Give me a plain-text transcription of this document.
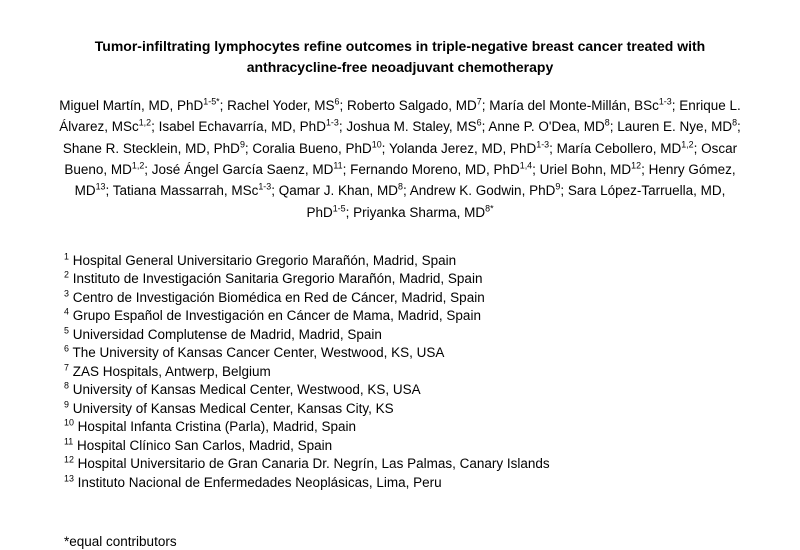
Tumor-infiltrating lymphocytes refine outcomes in triple-negative breast cancer treated with anthracycline-free neoadjuvant chemotherapy

Miguel Martín, MD, PhD$^{1-5*}$; Rachel Yoder, $MS^6$; Roberto Salgado, $MD^7$; María del Monte-Millán, BSc$^{1-3}$; Enrique L. Álvarez, MSc$^{1,2}$; Isabel Echavarría, MD, PhD$^{1-3}$; Joshua M. Staley, $MS^6$; Anne P. O'Dea, $MD^8$; Lauren E. Nye, $MD^8$; Shane R. Stecklein, MD, PhD$^9$; Coralia Bueno, PhD$^{10}$; Yolanda Jerez, MD, PhD$^{1-3}$; María Cebollero, MD$^{1,2}$; Oscar Bueno, MD$^{1,2}$; José Ángel García Saenz, MD$^{11}$; Fernando Moreno, MD, PhD$^{1,4}$; Uriel Bohn, MD$^{12}$; Henry Gómez, MD$^{13}$; Tatiana Massarrah, MSc$^{1-3}$; Qamar J. Khan, $MD^8$; Andrew K. Godwin, PhD$^9$; Sara López-Tarruella, MD, PhD$^{1-5}$; Priyanka Sharma, $MD^{8*}$

$^1$ Hospital General Universitario Gregorio Marañón, Madrid, Spain
$^2$ Instituto de Investigación Sanitaria Gregorio Marañón, Madrid, Spain
$^3$ Centro de Investigación Biomédica en Red de Cáncer, Madrid, Spain
$^4$ Grupo Español de Investigación en Cáncer de Mama, Madrid, Spain
$^5$ Universidad Complutense de Madrid, Madrid, Spain
$^6$ The University of Kansas Cancer Center, Westwood, KS, USA
$^7$ ZAS Hospitals, Antwerp, Belgium
$^8$ University of Kansas Medical Center, Westwood, KS, USA
$^9$ University of Kansas Medical Center, Kansas City, KS
$^{10}$ Hospital Infanta Cristina (Parla), Madrid, Spain
$^{11}$ Hospital Clínico San Carlos, Madrid, Spain
$^{12}$ Hospital Universitario de Gran Canaria Dr. Negrín, Las Palmas, Canary Islands
$^{13}$ Instituto Nacional de Enfermedades Neoplásicas, Lima, Peru

*equal contributors
